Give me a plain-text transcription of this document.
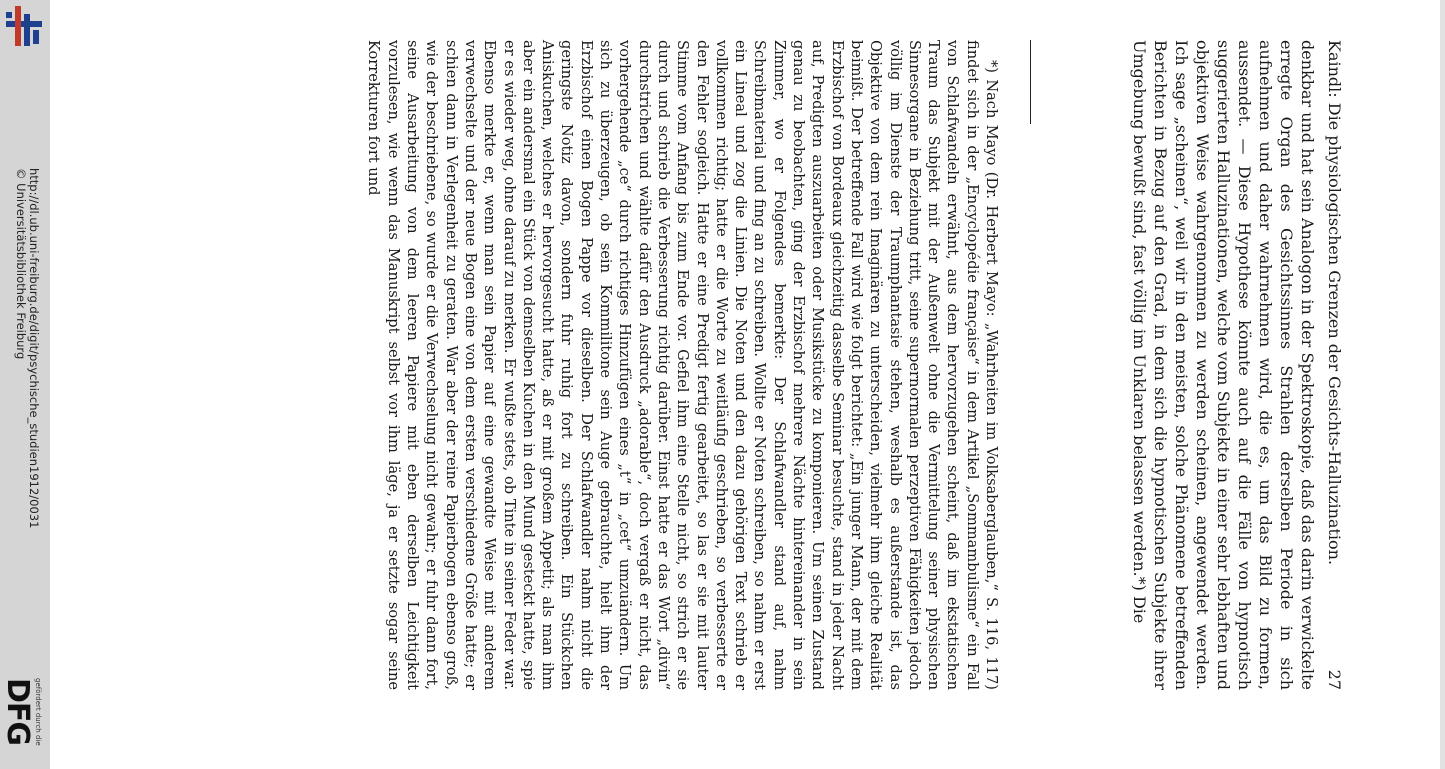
http://dl.ub.uni-freiburg.de/digit/psychische_studien1912/0031
© Universitätsbibliothek Freiburg
DFG gefördert durch die
Kaindl: Die physiologischen Grenzen der Gesichts-Halluzination.
27

denkbar und hat sein Analogon in der Spektroskopie, daß das darin verwickelte erregte Organ des Gesichtssinnes Strahlen derselben Periode in sich aufnehmen und daher wahrnehmen wird, die es, um das Bild zu formen, aussendet. — Diese Hypothese könnte auch auf die Fälle von hypnotisch suggerierten Halluzinationen, welche vom Subjekte in einer sehr lebhaften und objektiven Weise wahrgenommen zu werden scheinen, angewendet werden. Ich sage „scheinen“, weil wir in den meisten, solche Phänomene betreffenden Berichten in Bezug auf den Grad, in dem sich die hypnotischen Subjekte ihrer Umgebung bewußt sind, fast völlig im Unklaren belassen werden.*) Die

*) Nach Mayo (Dr. Herbert Mayo: „Wahrheiten im Volksaberglauben,“ S. 116, 117) findet sich in der „Encyclopédie française“ in dem Artikel „Sommambulisme“ ein Fall von Schlafwandeln erwähnt, aus dem hervorzugehen scheint, daß im ekstatischen Traum das Subjekt mit der Außenwelt ohne die Vermittelung seiner physischen Sinnesorgane in Beziehung tritt, seine supernormalen perzeptiven Fähigkeiten jedoch völlig im Dienste der Traumphantasie stehen, weshalb es außerstande ist, das Objektive von dem rein Imaginären zu unterscheiden, vielmehr ihm gleiche Realität beimißt. Der betreffende Fall wird wie folgt berichtet: „Ein junger Mann, der mit dem Erzbischof von Bordeaux gleichzeitig dasselbe Seminar besuchte, stand in jeder Nacht auf, Predigten auszuarbeiten oder Musikstücke zu komponieren. Um seinen Zustand genau zu beobachten, ging der Erzbischof mehrere Nächte hintereinander in sein Zimmer, wo er Folgendes bemerkte: Der Schlafwandler stand auf, nahm Schreibmaterial und fing an zu schreiben. Wollte er Noten schreiben, so nahm er erst ein Lineal und zog die Linien. Die Noten und den dazu gehörigen Text schrieb er vollkommen richtig; hatte er die Worte zu weitläufig geschrieben, so verbesserte er den Fehler sogleich. Hatte er eine Predigt fertig gearbeitet, so las er sie mit lauter Stimme vom Anfang bis zum Ende vor. Gefiel ihm eine Stelle nicht, so strich er sie durch und schrieb die Verbesserung richtig darüber. Einst hatte er das Wort „divin“ durchstrichen und wählte dafür den Ausdruck „adorable“, doch vergaß er nicht, das vorhergehende „ce“ durch richtiges Hinzufügen eines „t“ in „cet“ umzuändern. Um sich zu überzeugen, ob sein Kommilitone sein Auge gebrauchte, hielt ihm der Erzbischof einen Bogen Pappe vor dieselben. Der Schlafwandler nahm nicht die geringste Notiz davon, sondern fuhr ruhig fort zu schreiben. Ein Stückchen Aniskuchen, welches er hervorgesucht hatte, aß er mit großem Appetit; als man ihm aber ein andersmal ein Stück von demselben Kuchen in den Mund gesteckt hatte, spie er es wieder weg, ohne darauf zu merken. Er wußte stets, ob Tinte in seiner Feder war. Ebenso merkte er, wenn man sein Papier auf eine gewandte Weise mit anderem verwechselte und der neue Bogen eine von dem ersten verschiedene Größe hatte; er schien dann in Verlegenheit zu geraten. War aber der reine Papierbogen ebenso groß, wie der beschriebene, so wurde er die Verwechselung nicht gewahr; er fuhr dann fort, seine Ausarbeitung von dem leeren Papiere mit eben derselben Leichtigkeit vorzulesen, wie wenn das Manuskript selbst vor ihm läge, ja er setzte sogar seine Korrekturen fort und
